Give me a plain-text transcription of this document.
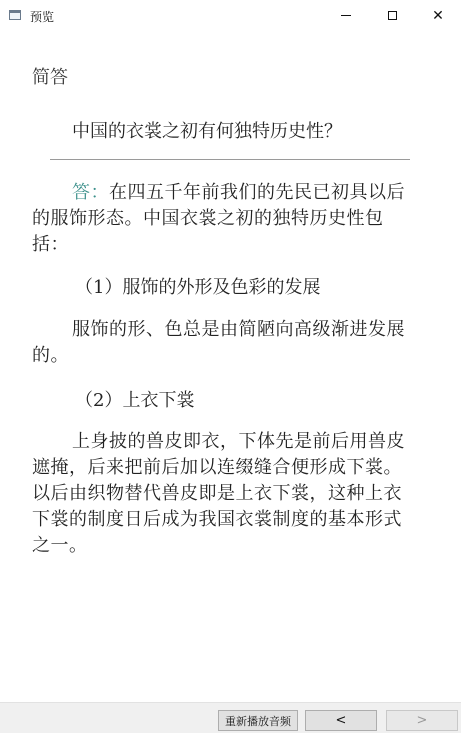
预览	✕
简答
中国的衣裳之初有何独特历史性？

答：在四五千年前我们的先民已初具以后的服饰形态。中国衣裳之初的独特历史性包括：

（1）服饰的外形及色彩的发展

服饰的形、色总是由简陋向高级渐进发展的。

（2）上衣下裳

上身披的兽皮即衣，下体先是前后用兽皮遮掩，后来把前后加以连缀缝合便形成下裳。以后由织物替代兽皮即是上衣下裳，这种上衣下裳的制度日后成为我国衣裳制度的基本形式之一。

重新播放音频	<	>
